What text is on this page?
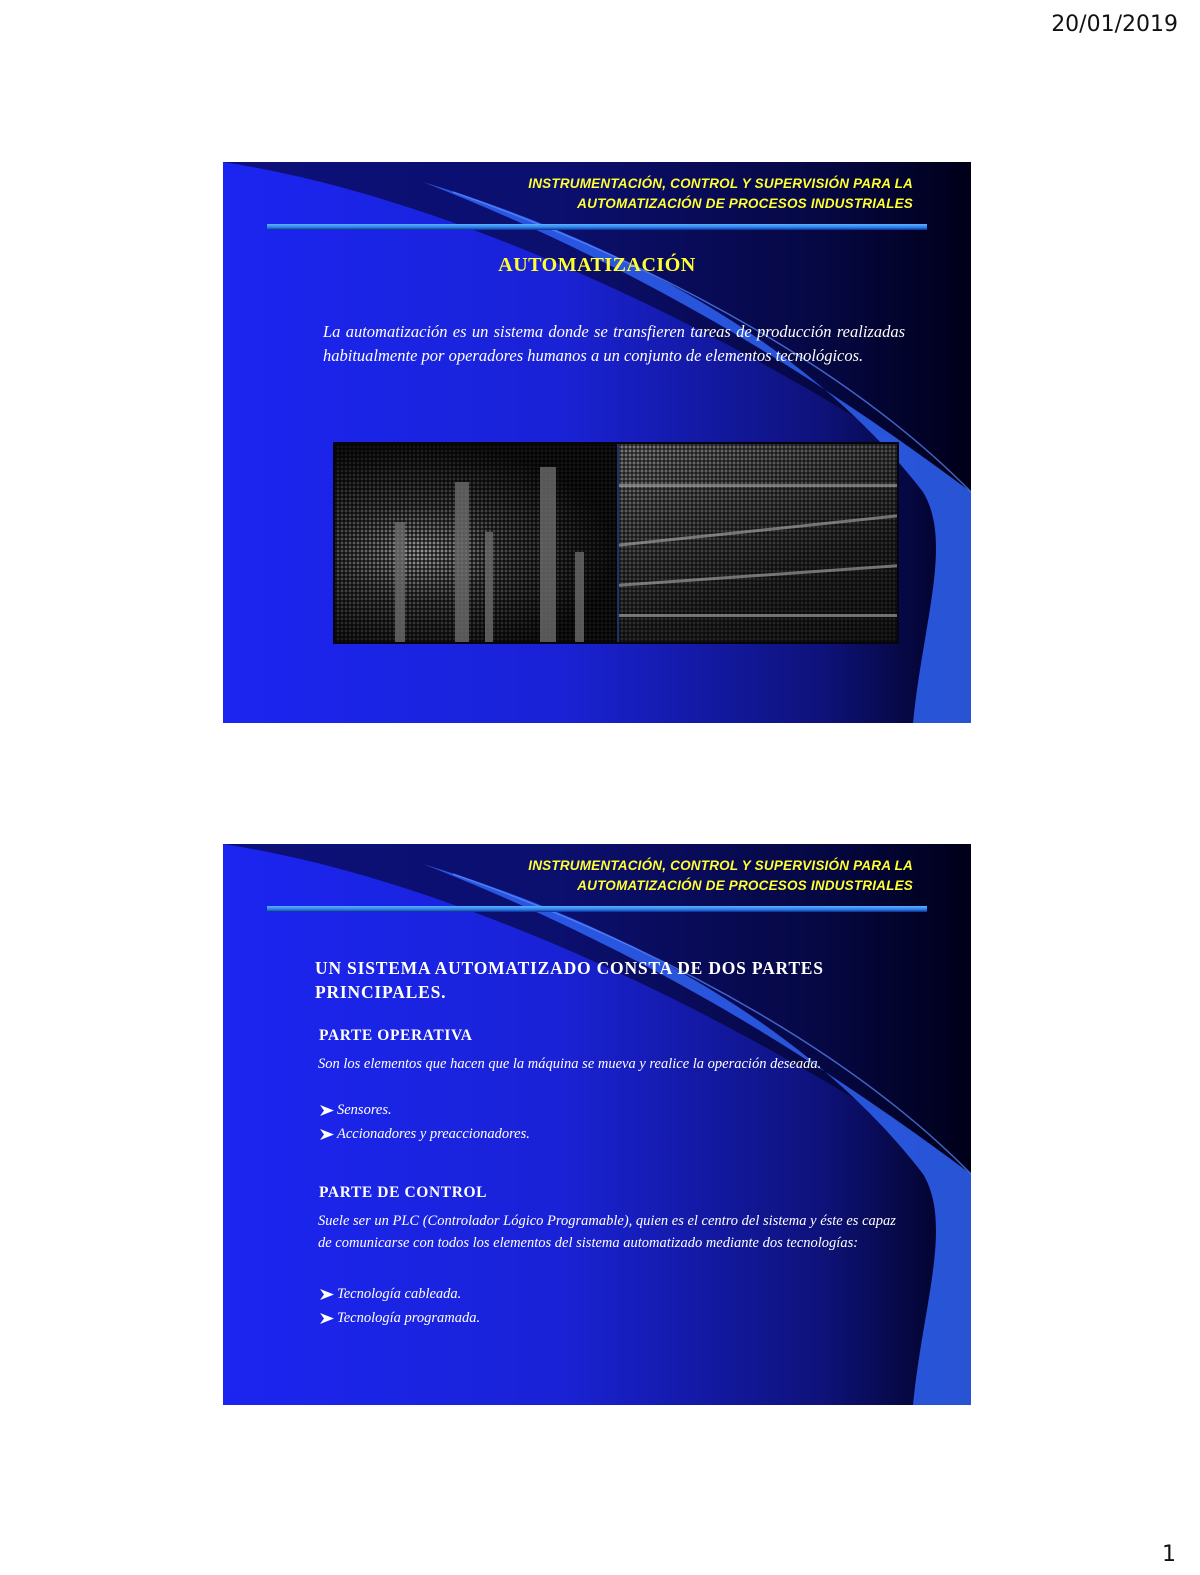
20/01/2019
INSTRUMENTACIÓN, CONTROL Y SUPERVISIÓN PARA LA
AUTOMATIZACIÓN DE PROCESOS INDUSTRIALES
AUTOMATIZACIÓN
La automatización es un sistema donde se transfieren tareas de producción realizadas habitualmente por operadores humanos a un conjunto de elementos tecnológicos.
INSTRUMENTACIÓN, CONTROL Y SUPERVISIÓN PARA LA
AUTOMATIZACIÓN DE PROCESOS INDUSTRIALES
UN SISTEMA AUTOMATIZADO CONSTA DE DOS PARTES
PRINCIPALES.
PARTE OPERATIVA
Son los elementos que hacen que la máquina se mueva y realice la operación deseada.
Sensores.
Accionadores y preaccionadores.
PARTE DE CONTROL
Suele ser un PLC (Controlador Lógico Programable), quien es el centro del sistema y éste es capaz de comunicarse con todos los elementos del sistema automatizado mediante dos tecnologías:
Tecnología cableada.
Tecnología programada.
1
